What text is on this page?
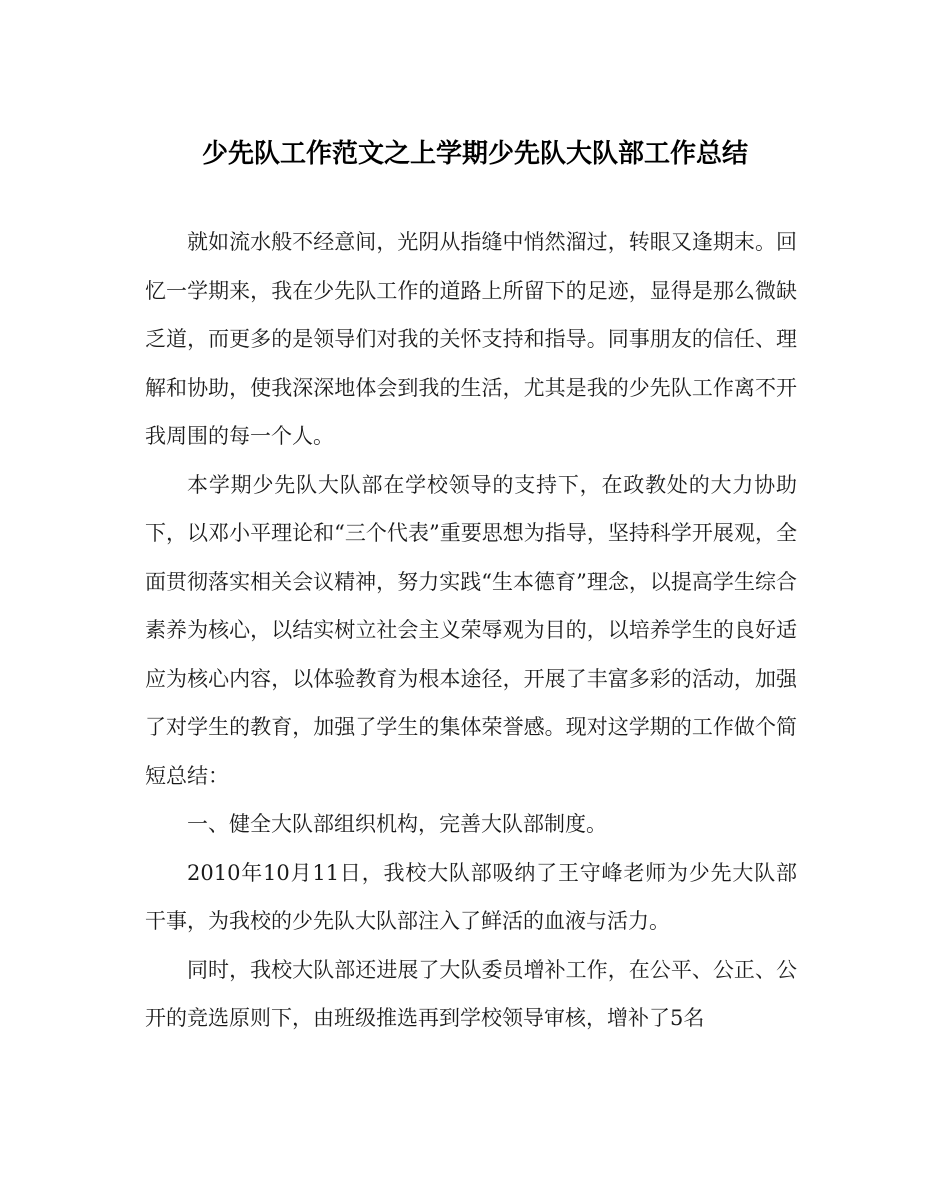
少先队工作范文之上学期少先队大队部工作总结

就如流水般不经意间，光阴从指缝中悄然溜过，转眼又逢期末。回忆一学期来，我在少先队工作的道路上所留下的足迹，显得是那么微缺乏道，而更多的是领导们对我的关怀支持和指导。同事朋友的信任、理解和协助，使我深深地体会到我的生活，尤其是我的少先队工作离不开我周围的每一个人。

本学期少先队大队部在学校领导的支持下，在政教处的大力协助下，以邓小平理论和“三个代表”重要思想为指导，坚持科学开展观，全面贯彻落实相关会议精神，努力实践“生本德育”理念，以提高学生综合素养为核心，以结实树立社会主义荣辱观为目的，以培养学生的良好适应为核心内容，以体验教育为根本途径，开展了丰富多彩的活动，加强了对学生的教育，加强了学生的集体荣誉感。现对这学期的工作做个简短总结：

一、健全大队部组织机构，完善大队部制度。

2010年10月11日，我校大队部吸纳了王守峰老师为少先大队部干事，为我校的少先队大队部注入了鲜活的血液与活力。

同时，我校大队部还进展了大队委员增补工作，在公平、公正、公开的竞选原则下，由班级推选再到学校领导审核，增补了5名
